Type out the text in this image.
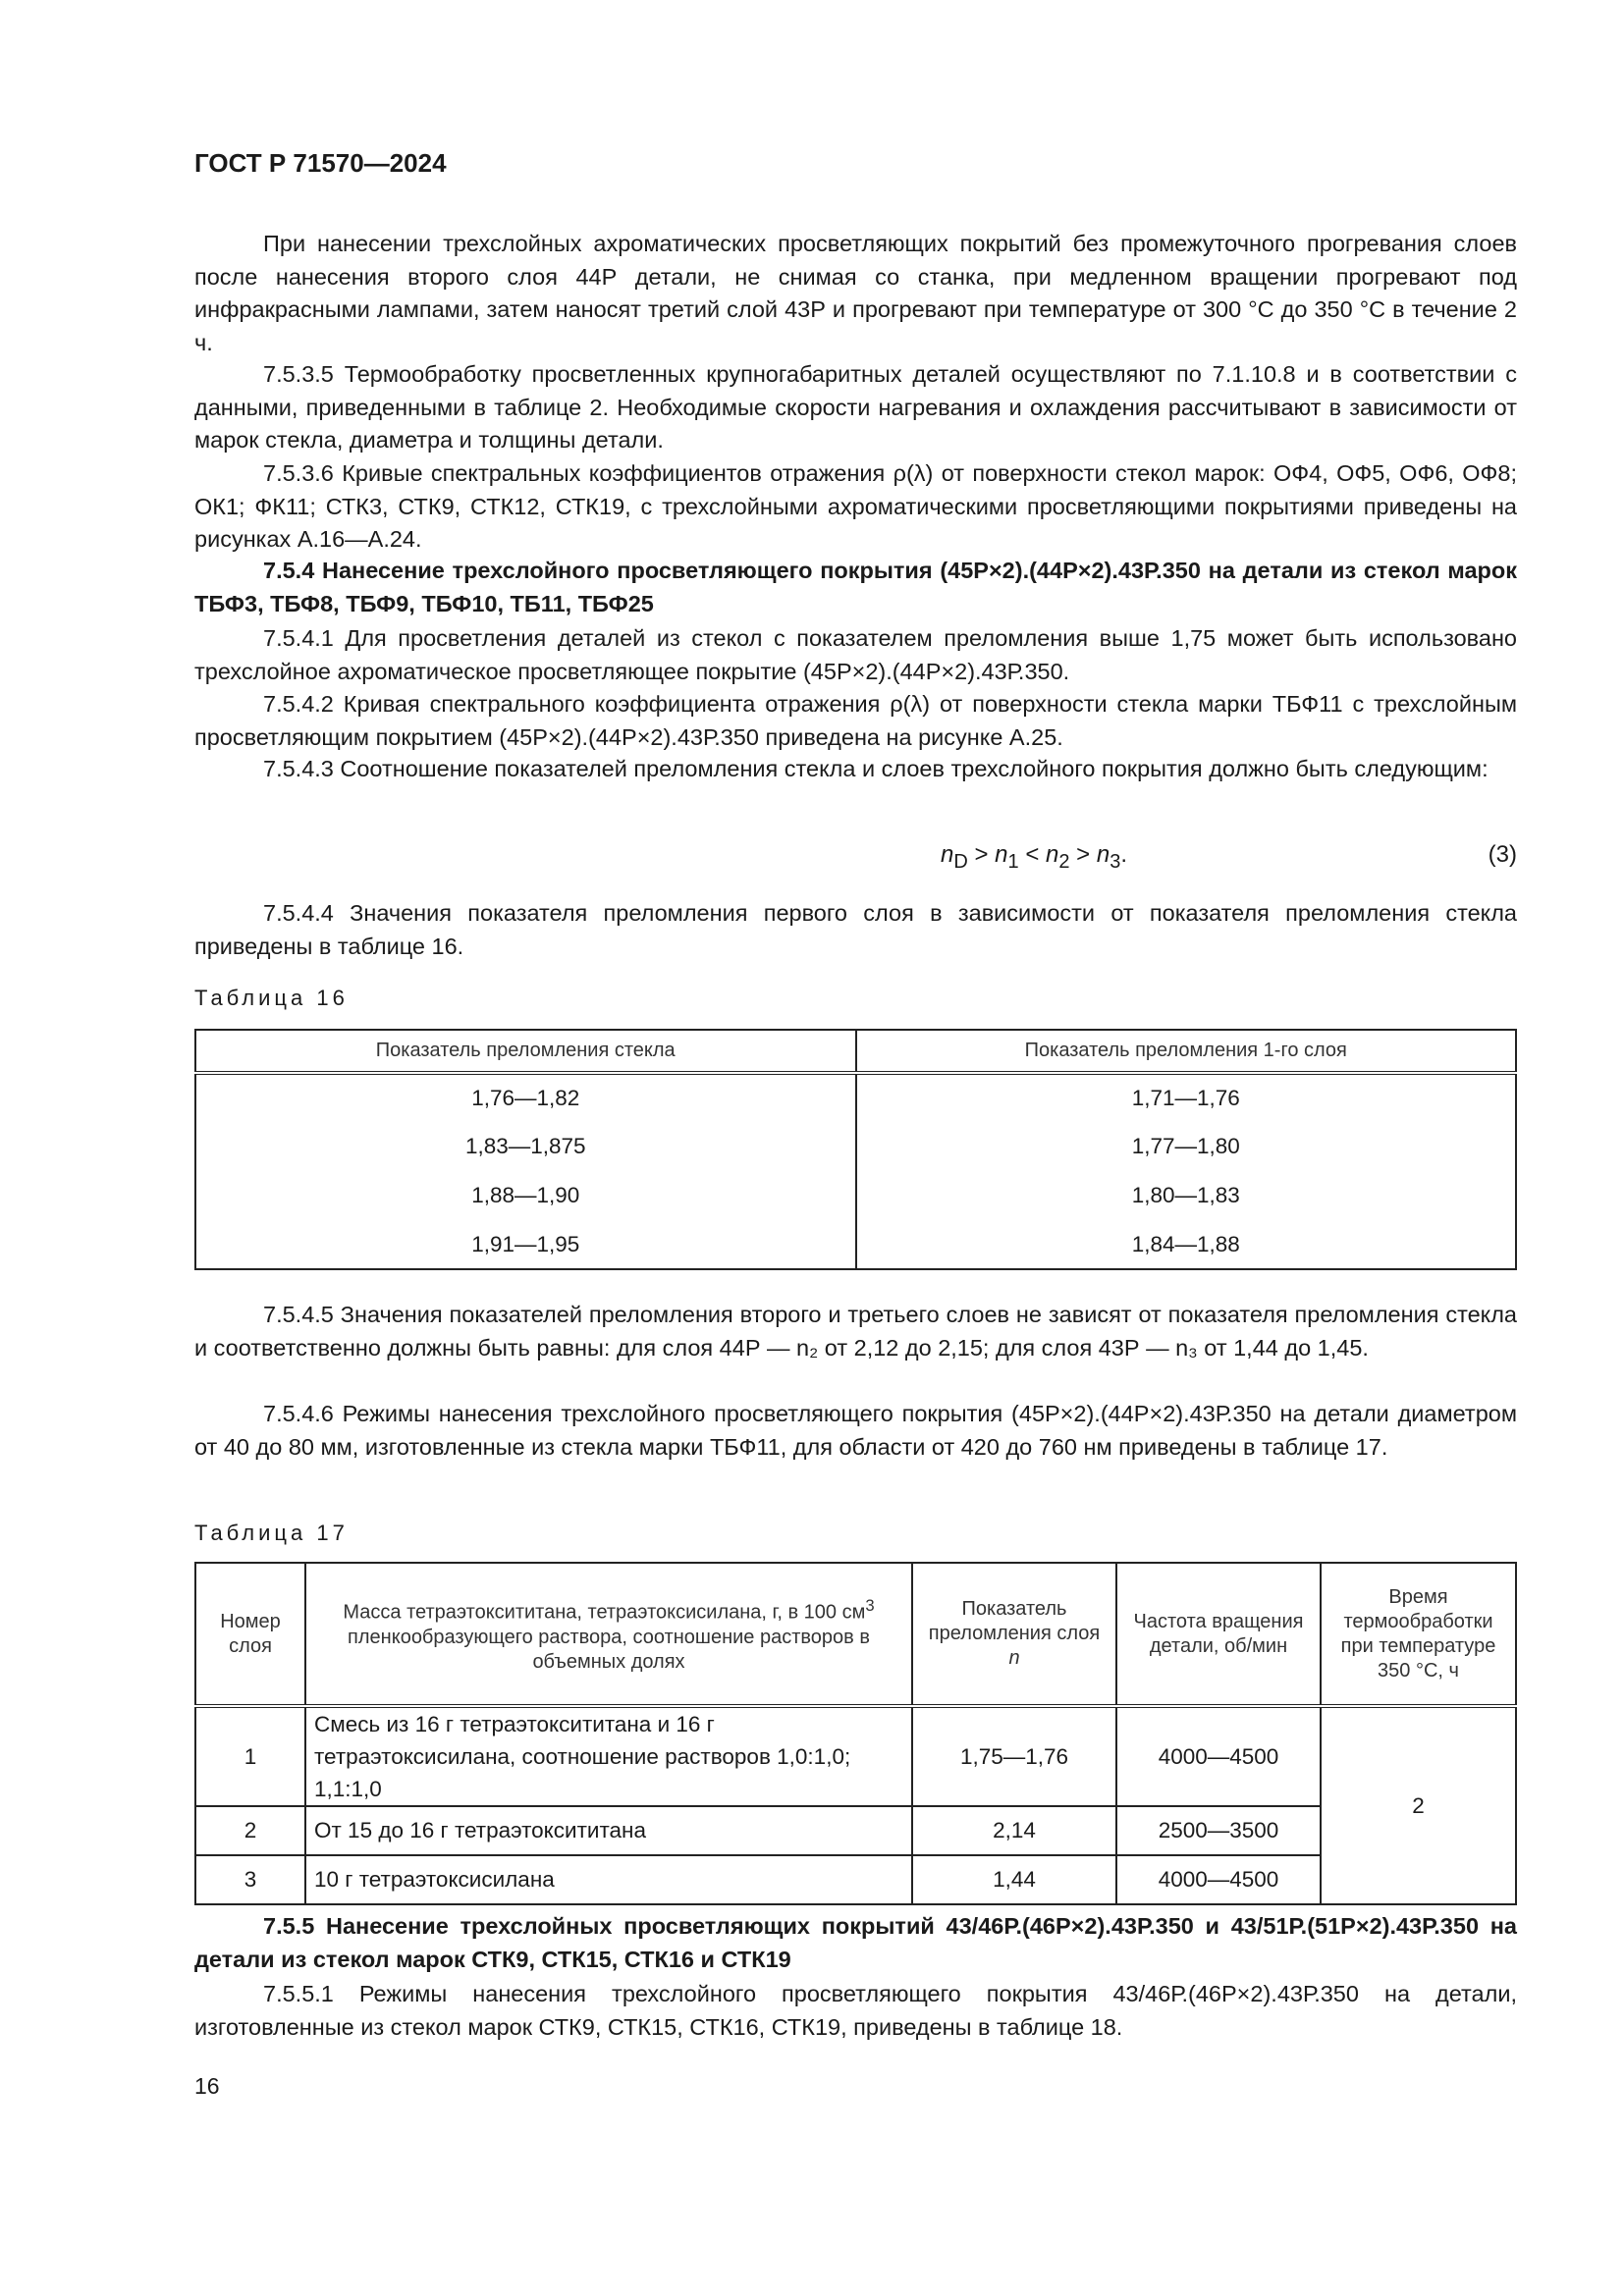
ГОСТ Р 71570—2024
При нанесении трехслойных ахроматических просветляющих покрытий без промежуточного прогревания слоев после нанесения второго слоя 44Р детали, не снимая со станка, при медленном вращении прогревают под инфракрасными лампами, затем наносят третий слой 43Р и прогревают при температуре от 300 °С до 350 °С в течение 2 ч.
7.5.3.5 Термообработку просветленных крупногабаритных деталей осуществляют по 7.1.10.8 и в соответствии с данными, приведенными в таблице 2. Необходимые скорости нагревания и охлаждения рассчитывают в зависимости от марок стекла, диаметра и толщины детали.
7.5.3.6 Кривые спектральных коэффициентов отражения ρ(λ) от поверхности стекол марок: ОФ4, ОФ5, ОФ6, ОФ8; ОК1; ФК11; СТК3, СТК9, СТК12, СТК19, с трехслойными ахроматическими просветляющими покрытиями приведены на рисунках А.16—А.24.
7.5.4 Нанесение трехслойного просветляющего покрытия (45Р×2).(44Р×2).43Р.350 на детали из стекол марок ТБФ3, ТБФ8, ТБФ9, ТБФ10, ТБ11, ТБФ25
7.5.4.1 Для просветления деталей из стекол с показателем преломления выше 1,75 может быть использовано трехслойное ахроматическое просветляющее покрытие (45Р×2).(44Р×2).43Р.350.
7.5.4.2 Кривая спектрального коэффициента отражения ρ(λ) от поверхности стекла марки ТБФ11 с трехслойным просветляющим покрытием (45Р×2).(44Р×2).43Р.350 приведена на рисунке А.25.
7.5.4.3 Соотношение показателей преломления стекла и слоев трехслойного покрытия должно быть следующим:
$n_D > n_1 < n_2 > n_3$.	(3)
7.5.4.4 Значения показателя преломления первого слоя в зависимости от показателя преломления стекла приведены в таблице 16.
Таблица 16
Показатель преломления стекла	Показатель преломления 1-го слоя
1,76—1,82	1,71—1,76
1,83—1,875	1,77—1,80
1,88—1,90	1,80—1,83
1,91—1,95	1,84—1,88
7.5.4.5 Значения показателей преломления второго и третьего слоев не зависят от показателя преломления стекла и соответственно должны быть равны: для слоя 44Р — n₂ от 2,12 до 2,15; для слоя 43Р — n₃ от 1,44 до 1,45.
7.5.4.6 Режимы нанесения трехслойного просветляющего покрытия (45Р×2).(44Р×2).43Р.350 на детали диаметром от 40 до 80 мм, изготовленные из стекла марки ТБФ11, для области от 420 до 760 нм приведены в таблице 17.
Таблица 17
Номер слоя	Масса тетраэтоксититана, тетраэтоксисилана, г, в 100 $см^3$ пленкообразующего раствора, соотношение растворов в объемных долях	Показатель преломления слоя n	Частота вращения детали, об/мин	Время термообработки при температуре 350 °С, ч
1	Смесь из 16 г тетраэтоксититана и 16 г тетраэтоксисилана, соотношение растворов 1,0:1,0; 1,1:1,0	1,75—1,76	4000—4500	2
2	От 15 до 16 г тетраэтоксититана	2,14	2500—3500	
3	10 г тетраэтоксисилана	1,44	4000—4500	
7.5.5 Нанесение трехслойных просветляющих покрытий 43/46Р.(46Р×2).43Р.350 и 43/51Р.(51Р×2).43Р.350 на детали из стекол марок СТК9, СТК15, СТК16 и СТК19
7.5.5.1 Режимы нанесения трехслойного просветляющего покрытия 43/46Р.(46Р×2).43Р.350 на детали, изготовленные из стекол марок СТК9, СТК15, СТК16, СТК19, приведены в таблице 18.
16
